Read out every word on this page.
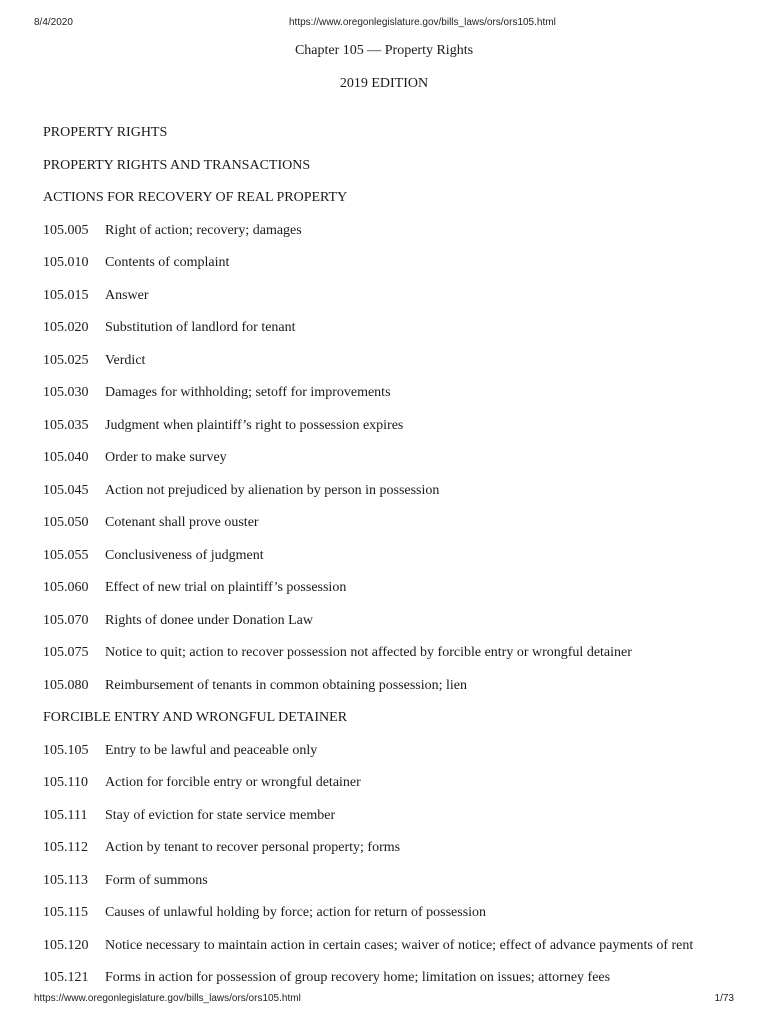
8/4/2020	https://www.oregonlegislature.gov/bills_laws/ors/ors105.html
Chapter 105 — Property Rights
2019 EDITION
PROPERTY RIGHTS
PROPERTY RIGHTS AND TRANSACTIONS
ACTIONS FOR RECOVERY OF REAL PROPERTY
105.005 Right of action; recovery; damages
105.010 Contents of complaint
105.015 Answer
105.020 Substitution of landlord for tenant
105.025 Verdict
105.030 Damages for withholding; setoff for improvements
105.035 Judgment when plaintiff’s right to possession expires
105.040 Order to make survey
105.045 Action not prejudiced by alienation by person in possession
105.050 Cotenant shall prove ouster
105.055 Conclusiveness of judgment
105.060 Effect of new trial on plaintiff’s possession
105.070 Rights of donee under Donation Law
105.075 Notice to quit; action to recover possession not affected by forcible entry or wrongful detainer
105.080 Reimbursement of tenants in common obtaining possession; lien
FORCIBLE ENTRY AND WRONGFUL DETAINER
105.105 Entry to be lawful and peaceable only
105.110 Action for forcible entry or wrongful detainer
105.111 Stay of eviction for state service member
105.112 Action by tenant to recover personal property; forms
105.113 Form of summons
105.115 Causes of unlawful holding by force; action for return of possession
105.120 Notice necessary to maintain action in certain cases; waiver of notice; effect of advance payments of rent
105.121 Forms in action for possession of group recovery home; limitation on issues; attorney fees
https://www.oregonlegislature.gov/bills_laws/ors/ors105.html	1/73
